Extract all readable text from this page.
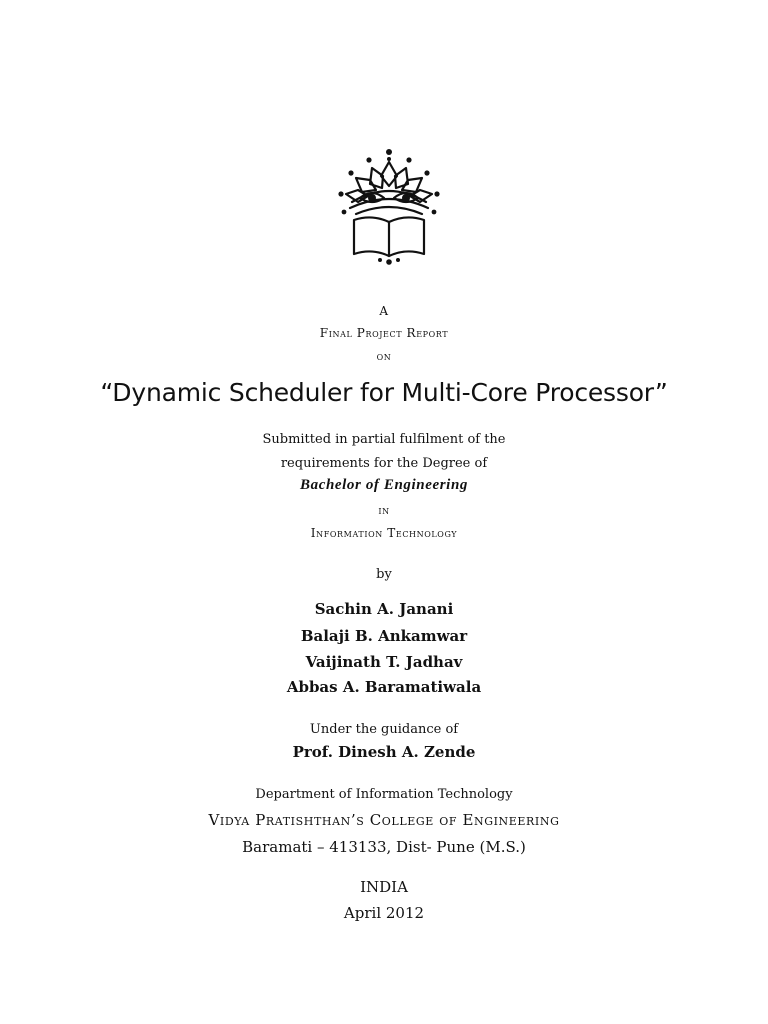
A
Final Project Report
on
“Dynamic Scheduler for Multi-Core Processor”
Submitted in partial fulfilment of the
requirements for the Degree of
Bachelor of Engineering
in
Information Technology
by
Sachin A. Janani
Balaji B. Ankamwar
Vaijinath T. Jadhav
Abbas A. Baramatiwala
Under the guidance of
Prof. Dinesh A. Zende
Department of Information Technology
Vidya Pratishthan’s College of Engineering
Baramati – 413133, Dist- Pune (M.S.)
INDIA
April 2012
